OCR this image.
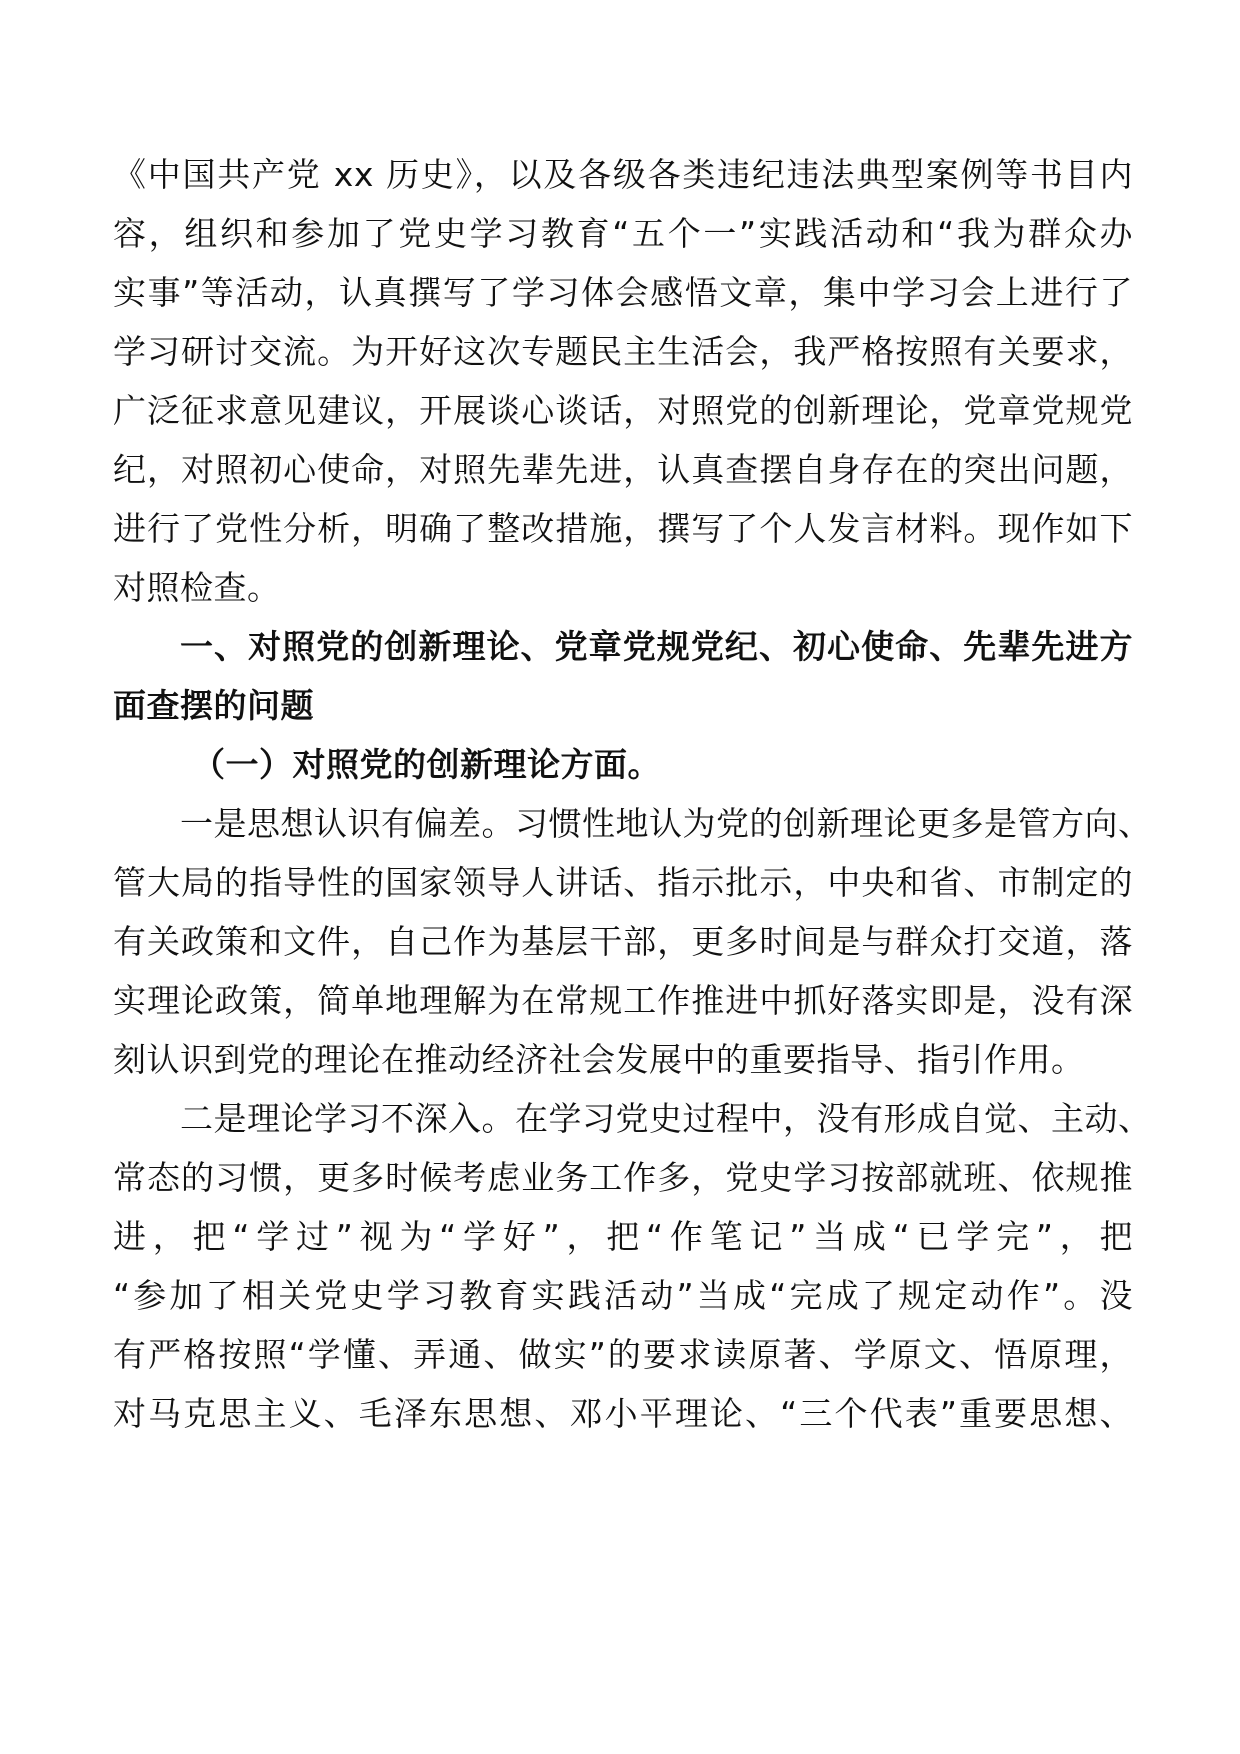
《中国共产党 xx 历史》，以及各级各类违纪违法典型案例等书目内
容，组织和参加了党史学习教育“五个一”实践活动和“我为群众办
实事”等活动，认真撰写了学习体会感悟文章，集中学习会上进行了
学习研讨交流。为开好这次专题民主生活会，我严格按照有关要求，
广泛征求意见建议，开展谈心谈话，对照党的创新理论，党章党规党
纪，对照初心使命，对照先辈先进，认真查摆自身存在的突出问题，
进行了党性分析，明确了整改措施，撰写了个人发言材料。现作如下
对照检查。
一、对照党的创新理论、党章党规党纪、初心使命、先辈先进方
面查摆的问题
（一）对照党的创新理论方面。
一是思想认识有偏差。习惯性地认为党的创新理论更多是管方向、
管大局的指导性的国家领导人讲话、指示批示，中央和省、市制定的
有关政策和文件，自己作为基层干部，更多时间是与群众打交道，落
实理论政策，简单地理解为在常规工作推进中抓好落实即是，没有深
刻认识到党的理论在推动经济社会发展中的重要指导、指引作用。
二是理论学习不深入。在学习党史过程中，没有形成自觉、主动、
常态的习惯，更多时候考虑业务工作多，党史学习按部就班、依规推
进，把“学过”视为“学好”，把“作笔记”当成“已学完”，把
“参加了相关党史学习教育实践活动”当成“完成了规定动作”。没
有严格按照“学懂、弄通、做实”的要求读原著、学原文、悟原理，
对马克思主义、毛泽东思想、邓小平理论、“三个代表”重要思想、
